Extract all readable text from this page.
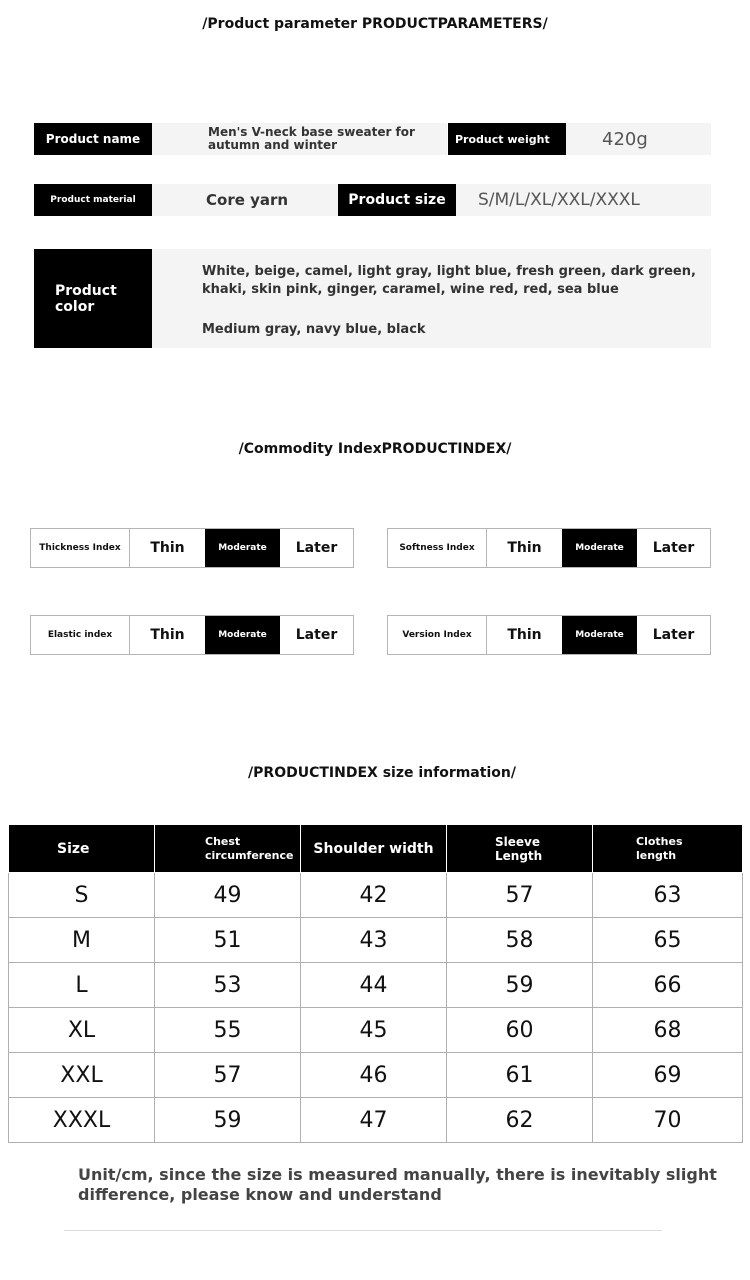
/Product parameter PRODUCTPARAMETERS/
Product name	Men's V-neck base sweater for
autumn and winter	Product weight	420g
Product material	Core yarn	Product size	S/M/L/XL/XXL/XXXL
Product color
White, beige, camel, light gray, light blue, fresh green, dark green,
khaki, skin pink, ginger, caramel, wine red, red, sea blue
Medium gray, navy blue, black
/Commodity IndexPRODUCTINDEX/
Thickness Index	Thin	Moderate	Later	Softness Index	Thin	Moderate	Later
Elastic index	Thin	Moderate	Later	Version Index	Thin	Moderate	Later
/PRODUCTINDEX size information/
Size	Chest
circumference	Shoulder width	Sleeve
Length	Clothes
length

S	49	42	57	63
M	51	43	58	65
L	53	44	59	66
XL	55	45	60	68
XXL	57	46	61	69
XXXL	59	47	62	70
Unit/cm, since the size is measured manually, there is inevitably slight
difference, please know and understand
